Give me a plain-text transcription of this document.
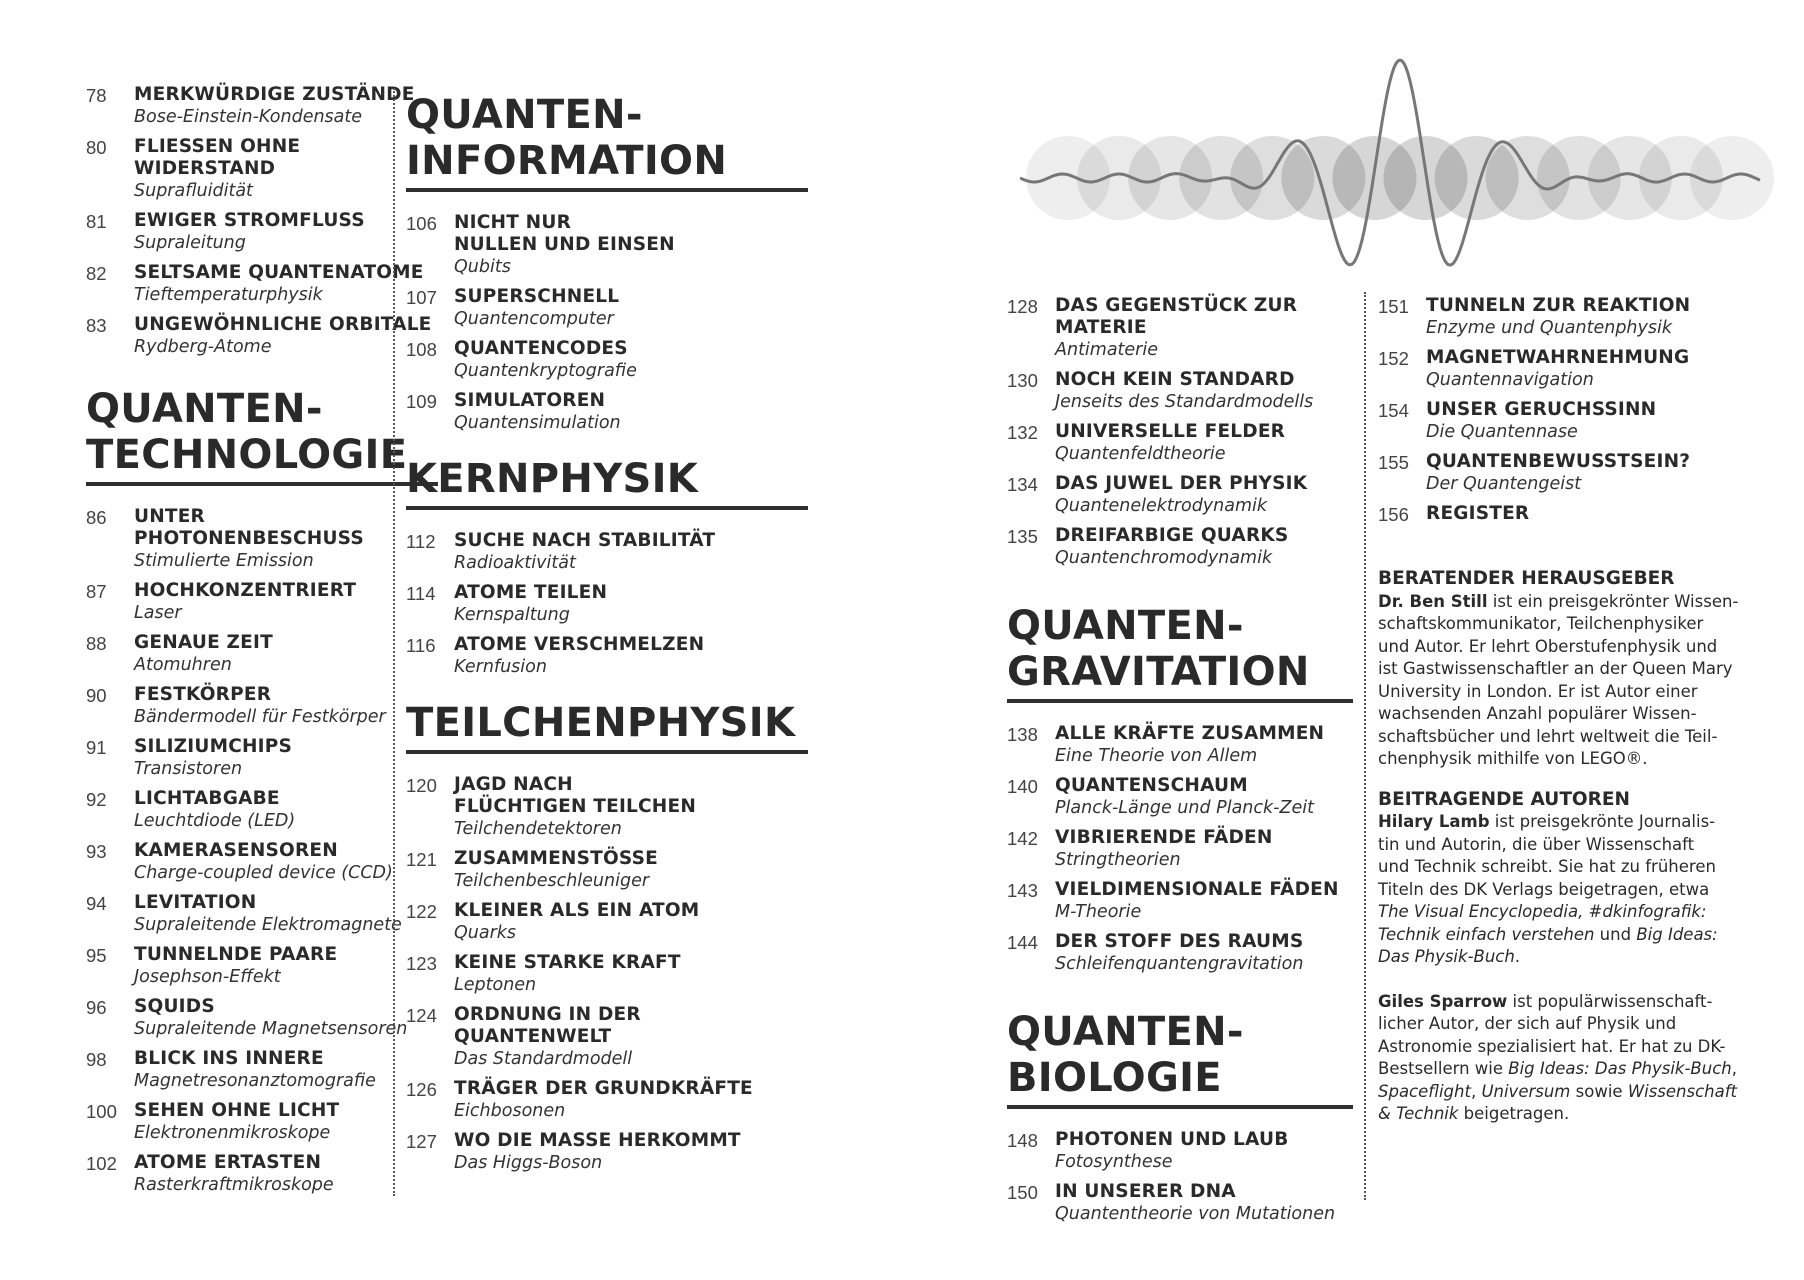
78	MERKWÜRDIGE ZUSTÄNDE
Bose-Einstein-Kondensate
80	FLIESSEN OHNE WIDERSTAND
Suprafluidität
81	EWIGER STROMFLUSS
Supraleitung
82	SELTSAME QUANTENATOME
Tieftemperaturphysik
83	UNGEWÖHNLICHE ORBITALE
Rydberg-Atome
QUANTEN-
TECHNOLOGIE
86	UNTER PHOTONENBESCHUSS
Stimulierte Emission
87	HOCHKONZENTRIERT
Laser
88	GENAUE ZEIT
Atomuhren
90	FESTKÖRPER
Bändermodell für Festkörper
91	SILIZIUMCHIPS
Transistoren
92	LICHTABGABE
Leuchtdiode (LED)
93	KAMERASENSOREN
Charge-coupled device (CCD)
94	LEVITATION
Supraleitende Elektromagnete
95	TUNNELNDE PAARE
Josephson-Effekt
96	SQUIDS
Supraleitende Magnetsensoren
98	BLICK INS INNERE
Magnetresonanztomografie
100 SEHEN OHNE LICHT
Elektronenmikroskope
102 ATOME ERTASTEN
Rasterkraftmikroskope
QUANTEN-
INFORMATION
106 NICHT NUR
NULLEN UND EINSEN
Qubits
107 SUPERSCHNELL
Quantencomputer
108 QUANTENCODES
Quantenkryptografie
109 SIMULATOREN
Quantensimulation
KERNPHYSIK
112	SUCHE NACH STABILITÄT
Radioaktivität
114	ATOME TEILEN
Kernspaltung
116	ATOME VERSCHMELZEN
Kernfusion
TEILCHENPHYSIK
120 JAGD NACH
FLÜCHTIGEN TEILCHEN
Teilchendetektoren
121 ZUSAMMENSTÖSSE
Teilchenbeschleuniger
122 KLEINER ALS EIN ATOM
Quarks
123 KEINE STARKE KRAFT
Leptonen
124 ORDNUNG IN DER
QUANTENWELT
Das Standardmodell
126 TRÄGER DER GRUNDKRÄFTE
Eichbosonen
127 WO DIE MASSE HERKOMMT
Das Higgs-Boson
128 DAS GEGENSTÜCK ZUR
MATERIE
Antimaterie
130 NOCH KEIN STANDARD
Jenseits des Standardmodells
132 UNIVERSELLE FELDER
Quantenfeldtheorie
134 DAS JUWEL DER PHYSIK
Quantenelektrodynamik
135 DREIFARBIGE QUARKS
Quantenchromodynamik
QUANTEN-
GRAVITATION
138 ALLE KRÄFTE ZUSAMMEN
Eine Theorie von Allem
140 QUANTENSCHAUM
Planck-Länge und Planck-Zeit
142 VIBRIERENDE FÄDEN
Stringtheorien
143 VIELDIMENSIONALE FÄDEN
M-Theorie
144 DER STOFF DES RAUMS
Schleifenquantengravitation
QUANTEN-
BIOLOGIE
148 PHOTONEN UND LAUB
Fotosynthese
150 IN UNSERER DNA
Quantentheorie von Mutationen
151 TUNNELN ZUR REAKTION
Enzyme und Quantenphysik
152 MAGNETWAHRNEHMUNG
Quantennavigation
154 UNSER GERUCHSSINN
Die Quantennase
155 QUANTENBEWUSSTSEIN?
Der Quantengeist
156 REGISTER
BERATENDER HERAUSGEBER
Dr. Ben Still ist ein preisgekrönter Wissen-
schaftskommunikator, Teilchenphysiker
und Autor. Er lehrt Oberstufenphysik und
ist Gastwissenschaftler an der Queen Mary
University in London. Er ist Autor einer
wachsenden Anzahl populärer Wissen-
schaftsbücher und lehrt weltweit die Teil-
chenphysik mithilfe von LEGO®.
BEITRAGENDE AUTOREN
Hilary Lamb ist preisgekrönte Journalis-
tin und Autorin, die über Wissenschaft
und Technik schreibt. Sie hat zu früheren
Titeln des DK Verlags beigetragen, etwa
The Visual Encyclopedia, #dkinfografik:
Technik einfach verstehen und Big Ideas:
Das Physik-Buch.
Giles Sparrow ist populärwissenschaft-
licher Autor, der sich auf Physik und
Astronomie spezialisiert hat. Er hat zu DK-
Bestsellern wie Big Ideas: Das Physik-Buch,
Spaceflight, Universum sowie Wissenschaft
& Technik beigetragen.
